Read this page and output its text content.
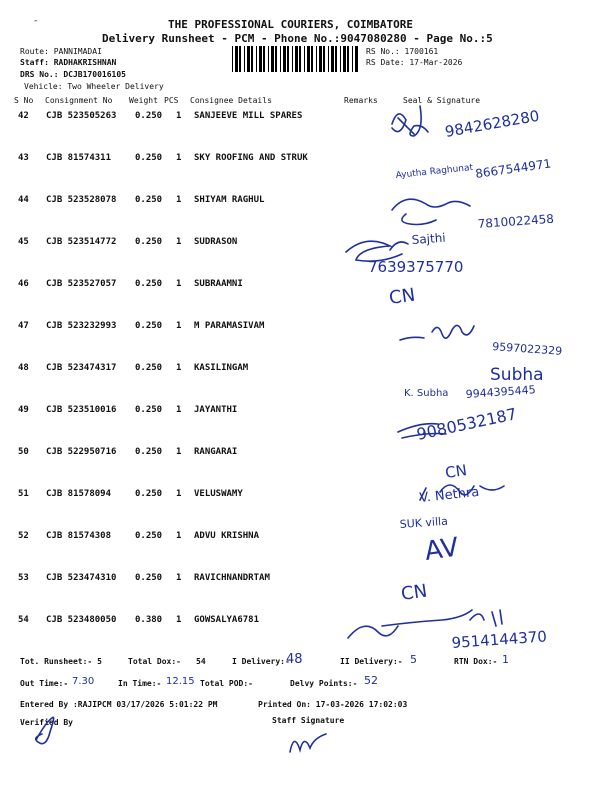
-	THE PROFESSIONAL COURIERS, COIMBATORE
Delivery Runsheet - PCM - Phone No.:9047080280 - Page No.:5
Route: PANNIMADAI
Staff: RADHAKRISHNAN
DRS No.: DCJB170016105
Vehicle: Two Wheeler Delivery
RS No.: 1700161
RS Date: 17-Mar-2026
S No Consignment No Weight PCS Consignee Details	Remarks	Seal & Signature
42 CJB 523505263 0.250 1 SANJEEVE MILL SPARES
43 CJB 81574311	0.250 1 SKY ROOFING AND STRUK
44 CJB 523528078 0.250 1 SHIYAM RAGHUL
45 CJB 523514772 0.250 1 SUDRASON
46 CJB 523527057 0.250 1 SUBRAAMNI
47 CJB 523232993 0.250 1 M PARAMASIVAM
48 CJB 523474317 0.250 1 KASILINGAM
49 CJB 523510016 0.250 1 JAYANTHI
50 CJB 522950716 0.250 1 RANGARAI
51 CJB 81578094	0.250 1 VELUSWAMY
52 CJB 81574308	0.250 1 ADVU KRISHNA
53 CJB 523474310 0.250 1 RAVICHNANDRTAM
54 CJB 523480050 0.380 1 GOWSALYA6781
Tot. Runsheet:- 5	Total Dox:- 54	I Delivery:-	II Delivery:-	RTN Dox:-
Out Time:-	In Time:-	Total POD:-	Delvy Points:-
Entered By :RAJIPCM 03/17/2026 5:01:22 PM	Printed On: 17-03-2026 17:02:03
Verified By	Staff Signature
9842628280
Ayutha Raghunat 8667544971
7810022458
Sajthi
7639375770
CN
9597022329
Subha
K. Subha 9944395445
9080532187
CN
V. Nethra
SUK villa
AV
CN
9514144370
48	5	1
7.30	12.15	52
